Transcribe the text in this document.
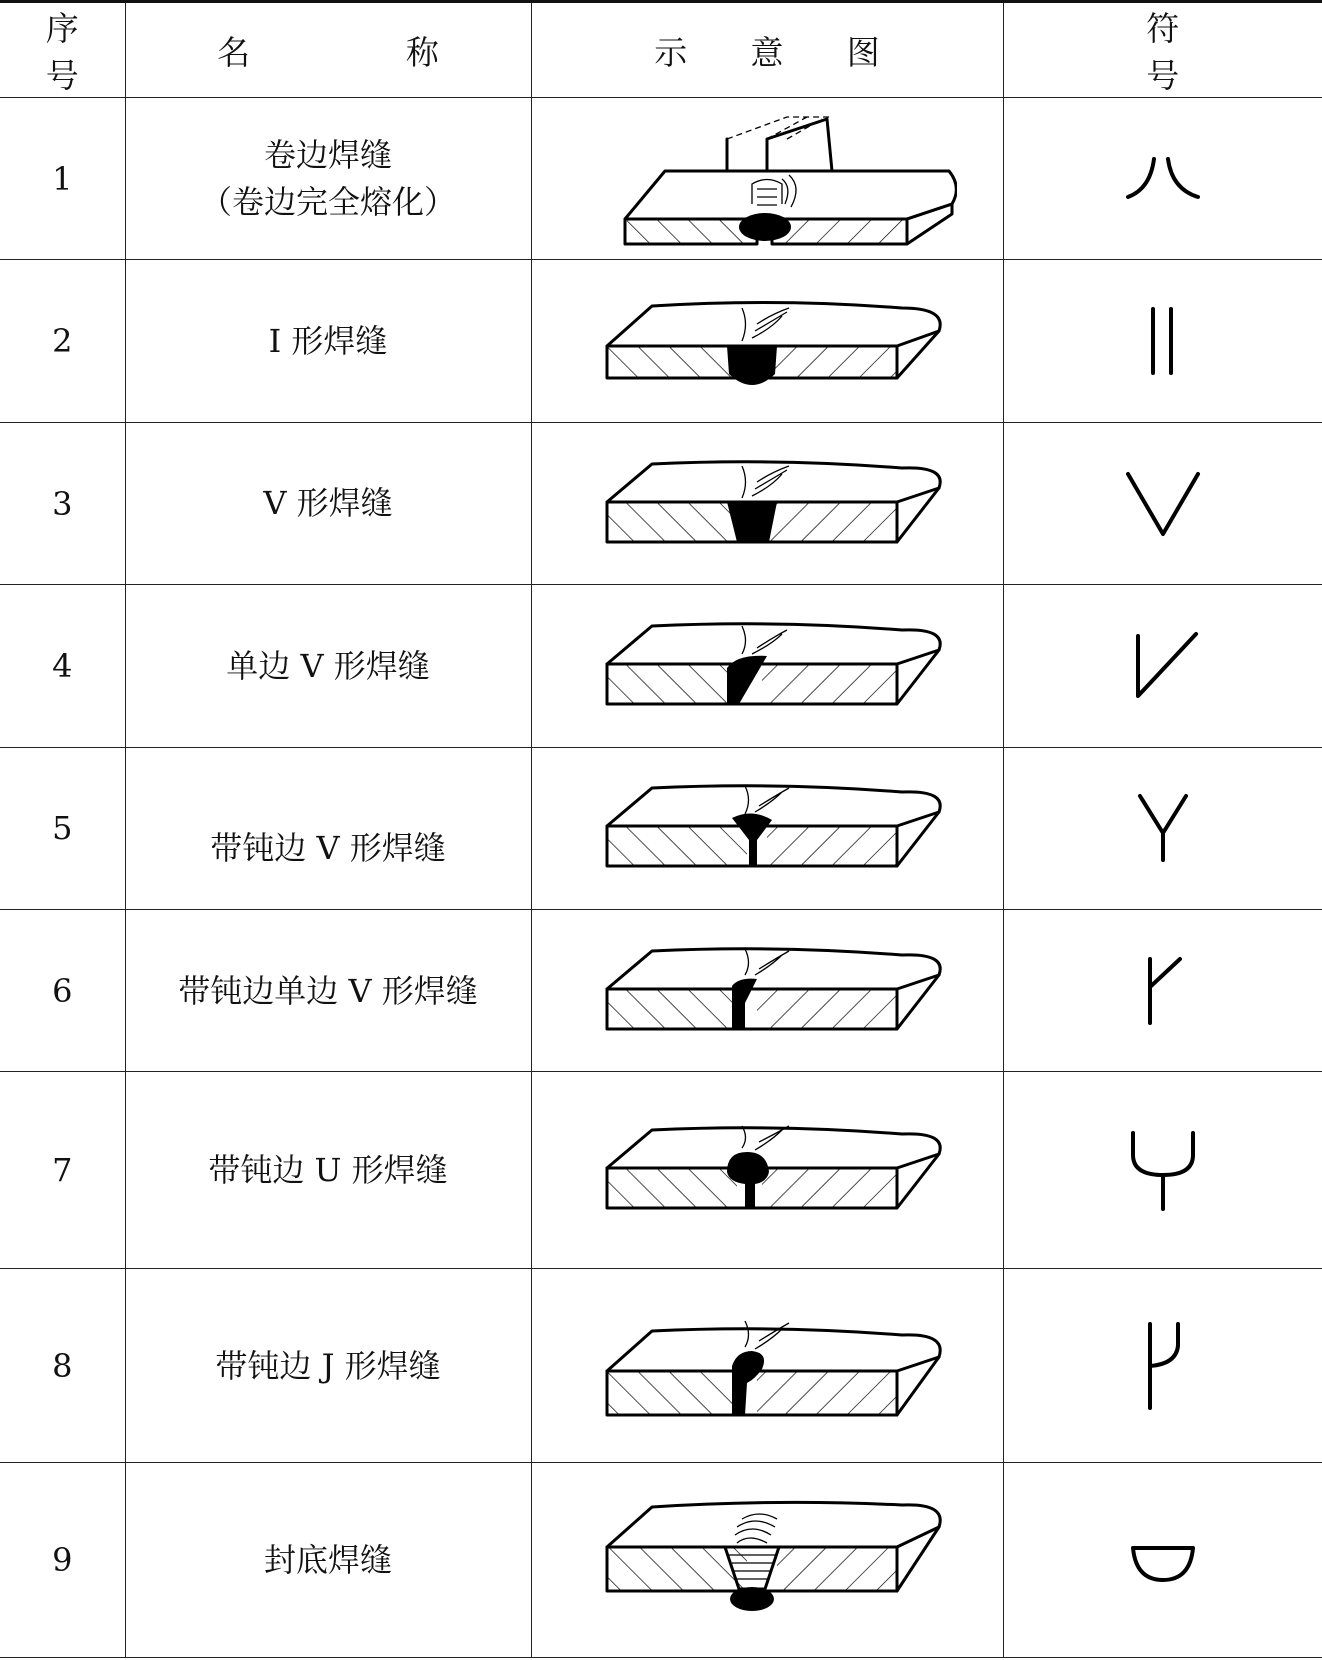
序 号	名 称	示 意 图	符 号
1	卷边焊缝
（卷边完全熔化）

2	I 形焊缝	

3	V 形焊缝	

4	单边 V 形焊缝	

5	带钝边 V 形焊缝	

6	带钝边单边 V 形焊缝	

7	带钝边 U 形焊缝	

8	带钝边 J 形焊缝	

9	封底焊缝	
